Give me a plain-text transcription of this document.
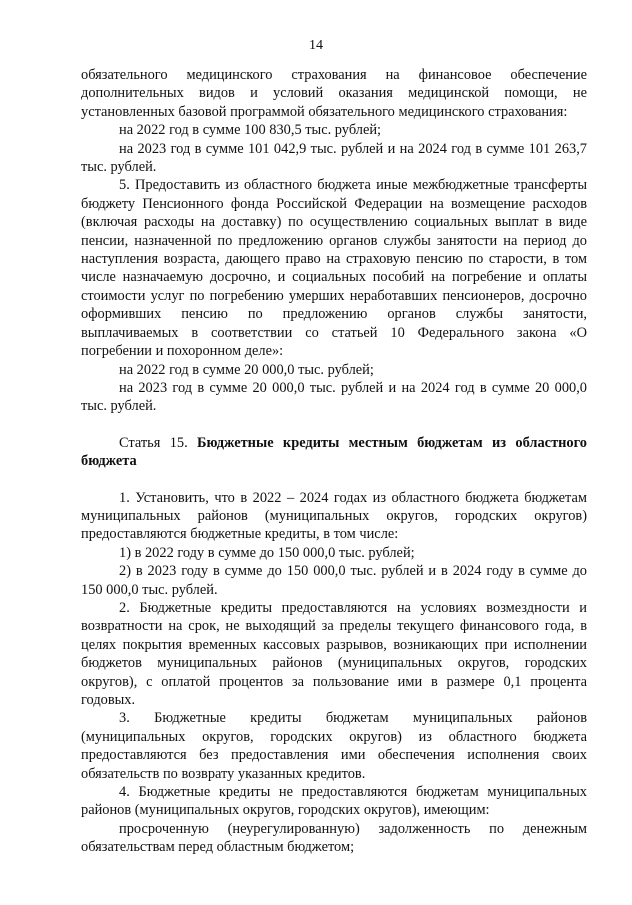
14

обязательного медицинского страхования на финансовое обеспечение дополнительных видов и условий оказания медицинской помощи, не установленных базовой программой обязательного медицинского страхования:

на 2022 год в сумме 100 830,5 тыс. рублей;

на 2023 год в сумме 101 042,9 тыс. рублей и на 2024 год в сумме 101 263,7 тыс. рублей.

5. Предоставить из областного бюджета иные межбюджетные трансферты бюджету Пенсионного фонда Российской Федерации на возмещение расходов (включая расходы на доставку) по осуществлению социальных выплат в виде пенсии, назначенной по предложению органов службы занятости на период до наступления возраста, дающего право на страховую пенсию по старости, в том числе назначаемую досрочно, и социальных пособий на погребение и оплаты стоимости услуг по погребению умерших неработавших пенсионеров, досрочно оформивших пенсию по предложению органов службы занятости, выплачиваемых в соответствии со статьей 10 Федерального закона «О погребении и похоронном деле»:

на 2022 год в сумме 20 000,0 тыс. рублей;

на 2023 год в сумме 20 000,0 тыс. рублей и на 2024 год в сумме 20 000,0 тыс. рублей.

Статья 15. Бюджетные кредиты местным бюджетам из областного бюджета

1. Установить, что в 2022 – 2024 годах из областного бюджета бюджетам муниципальных районов (муниципальных округов, городских округов) предоставляются бюджетные кредиты, в том числе:

1) в 2022 году в сумме до 150 000,0 тыс. рублей;

2) в 2023 году в сумме до 150 000,0 тыс. рублей и в 2024 году в сумме до 150 000,0 тыс. рублей.

2. Бюджетные кредиты предоставляются на условиях возмездности и возвратности на срок, не выходящий за пределы текущего финансового года, в целях покрытия временных кассовых разрывов, возникающих при исполнении бюджетов муниципальных районов (муниципальных округов, городских округов), с оплатой процентов за пользование ими в размере 0,1 процента годовых.

3. Бюджетные кредиты бюджетам муниципальных районов (муниципальных округов, городских округов) из областного бюджета предоставляются без предоставления ими обеспечения исполнения своих обязательств по возврату указанных кредитов.

4. Бюджетные кредиты не предоставляются бюджетам муниципальных районов (муниципальных округов, городских округов), имеющим:

просроченную (неурегулированную) задолженность по денежным обязательствам перед областным бюджетом;
